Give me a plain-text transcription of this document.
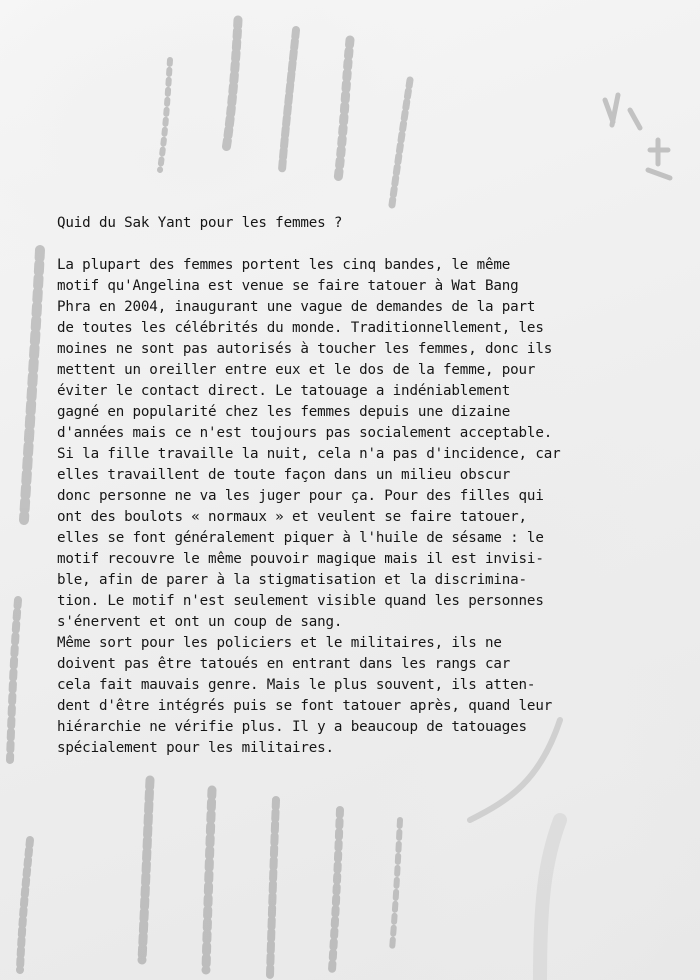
Quid du Sak Yant pour les femmes ?

La plupart des femmes portent les cinq bandes, le même
motif qu'Angelina est venue se faire tatouer à Wat Bang
Phra en 2004, inaugurant une vague de demandes de la part
de toutes les célébrités du monde. Traditionnellement, les
moines ne sont pas autorisés à toucher les femmes, donc ils
mettent un oreiller entre eux et le dos de la femme, pour
éviter le contact direct. Le tatouage a indéniablement
gagné en popularité chez les femmes depuis une dizaine
d'années mais ce n'est toujours pas socialement acceptable.
Si la fille travaille la nuit, cela n'a pas d'incidence, car
elles travaillent de toute façon dans un milieu obscur
donc personne ne va les juger pour ça. Pour des filles qui
ont des boulots « normaux » et veulent se faire tatouer,
elles se font généralement piquer à l'huile de sésame : le
motif recouvre le même pouvoir magique mais il est invisi-
ble, afin de parer à la stigmatisation et la discrimina-
tion. Le motif n'est seulement visible quand les personnes
s'énervent et ont un coup de sang.

Même sort pour les policiers et le militaires, ils ne
doivent pas être tatoués en entrant dans les rangs car
cela fait mauvais genre. Mais le plus souvent, ils atten-
dent d'être intégrés puis se font tatouer après, quand leur
hiérarchie ne vérifie plus. Il y a beaucoup de tatouages
spécialement pour les militaires.
